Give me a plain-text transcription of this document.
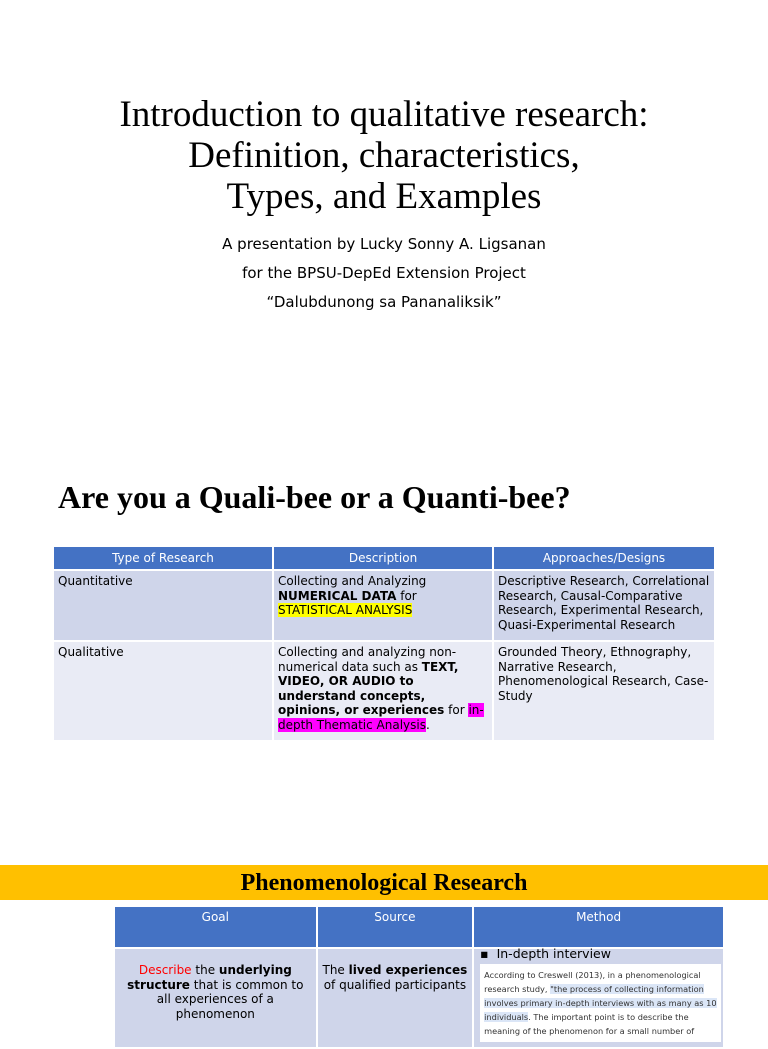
Introduction to qualitative research:
Definition, characteristics,
Types, and Examples
A presentation by Lucky Sonny A. Ligsanan
for the BPSU-DepEd Extension Project
“Dalubdunong sa Pananaliksik”
Are you a Quali-bee or a Quanti-bee?
Type of Research	Description	Approaches/Designs
Quantitative	Collecting and Analyzing NUMERICAL DATA for STATISTICAL ANALYSIS	Descriptive Research, Correlational Research, Causal-Comparative Research, Experimental Research, Quasi-Experimental Research
Qualitative	Collecting and analyzing non-numerical data such as TEXT, VIDEO, OR AUDIO to understand concepts, opinions, or experiences for in-depth Thematic Analysis.	Grounded Theory, Ethnography, Narrative Research, Phenomenological Research, Case-Study
Phenomenological Research
Goal	Source	Method
Describe the underlying structure that is common to all experiences of a phenomenon	The lived experiences of qualified participants	▪  In-depth interview
According to Creswell (2013), in a phenomenological research study, "the process of collecting information involves primary in-depth interviews with as many as 10 individuals. The important point is to describe the meaning of the phenomenon for a small number of
